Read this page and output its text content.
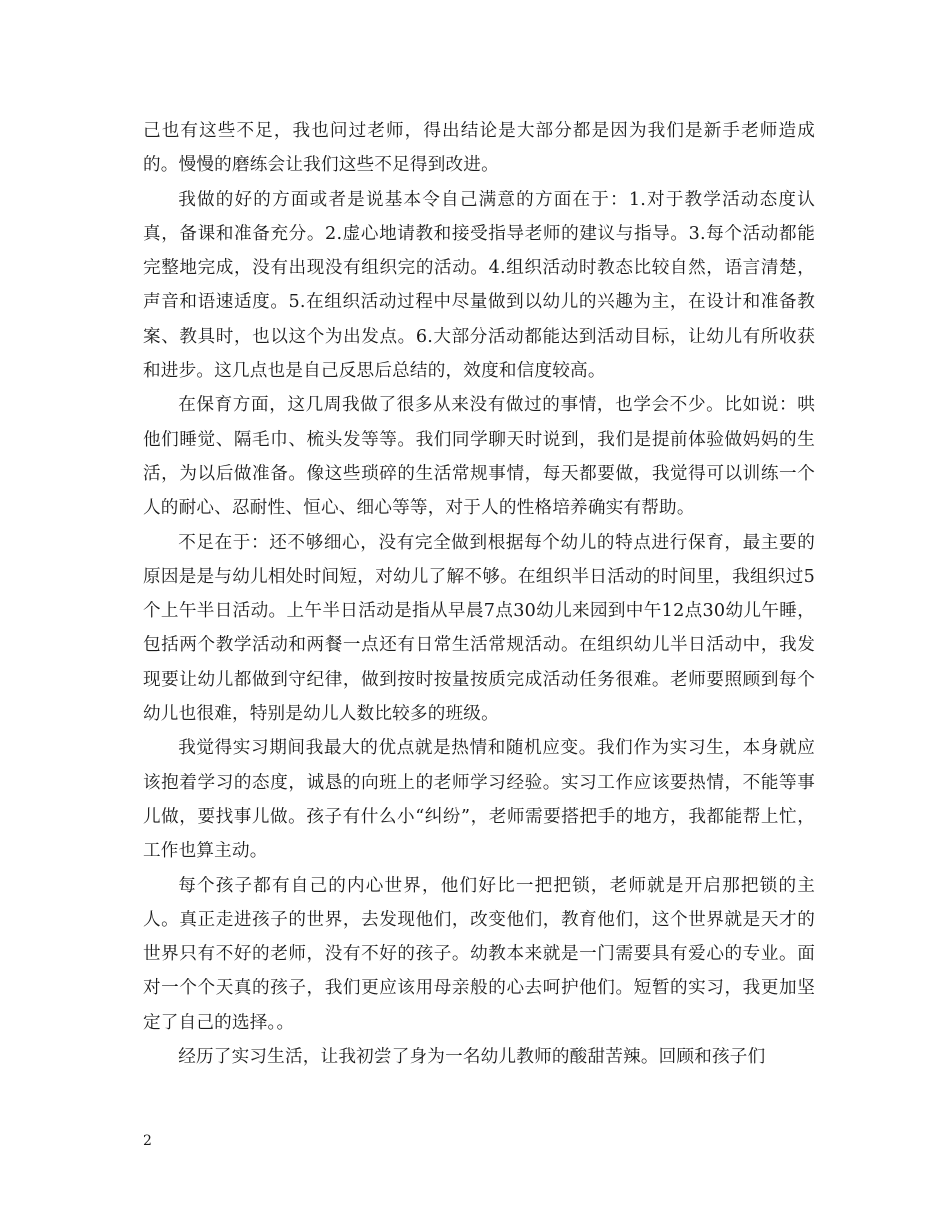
己也有这些不足，我也问过老师，得出结论是大部分都是因为我们是新手老师造成的。慢慢的磨练会让我们这些不足得到改进。

我做的好的方面或者是说基本令自己满意的方面在于：1.对于教学活动态度认真，备课和准备充分。2.虚心地请教和接受指导老师的建议与指导。3.每个活动都能完整地完成，没有出现没有组织完的活动。4.组织活动时教态比较自然，语言清楚，声音和语速适度。5.在组织活动过程中尽量做到以幼儿的兴趣为主，在设计和准备教案、教具时，也以这个为出发点。6.大部分活动都能达到活动目标，让幼儿有所收获和进步。这几点也是自己反思后总结的，效度和信度较高。

在保育方面，这几周我做了很多从来没有做过的事情，也学会不少。比如说：哄他们睡觉、隔毛巾、梳头发等等。我们同学聊天时说到，我们是提前体验做妈妈的生活，为以后做准备。像这些琐碎的生活常规事情，每天都要做，我觉得可以训练一个人的耐心、忍耐性、恒心、细心等等，对于人的性格培养确实有帮助。

不足在于：还不够细心，没有完全做到根据每个幼儿的特点进行保育，最主要的原因是是与幼儿相处时间短，对幼儿了解不够。在组织半日活动的时间里，我组织过5个上午半日活动。上午半日活动是指从早晨7点30幼儿来园到中午12点30幼儿午睡，包括两个教学活动和两餐一点还有日常生活常规活动。在组织幼儿半日活动中，我发现要让幼儿都做到守纪律，做到按时按量按质完成活动任务很难。老师要照顾到每个幼儿也很难，特别是幼儿人数比较多的班级。

我觉得实习期间我最大的优点就是热情和随机应变。我们作为实习生，本身就应该抱着学习的态度，诚恳的向班上的老师学习经验。实习工作应该要热情，不能等事儿做，要找事儿做。孩子有什么小“纠纷”，老师需要搭把手的地方，我都能帮上忙，工作也算主动。

每个孩子都有自己的内心世界，他们好比一把把锁，老师就是开启那把锁的主人。真正走进孩子的世界，去发现他们，改变他们，教育他们，这个世界就是天才的世界只有不好的老师，没有不好的孩子。幼教本来就是一门需要具有爱心的专业。面对一个个天真的孩子，我们更应该用母亲般的心去呵护他们。短暂的实习，我更加坚定了自己的选择。。

经历了实习生活，让我初尝了身为一名幼儿教师的酸甜苦辣。回顾和孩子们

2
